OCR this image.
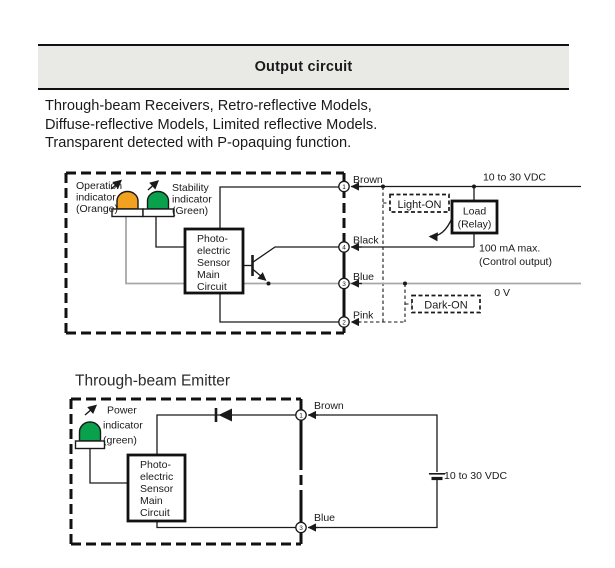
Output circuit
Through-beam Receivers, Retro-reflective Models,
Diffuse-reflective Models, Limited reflective Models.
Transparent detected with P-opaquing function.
Operation
indicator
(Orange)
Stability
indicator
(Green)
Photo-
electric
Sensor
Main
Circuit
10 to 30 VDC
Light-ON
Load
(Relay)
100 mA max.
(Control output)
0 V
Dark-ON
1
4
3
2
Brown
Black
Blue
Pink
Through-beam Emitter
Power
indicator
(green)
Photo-
electric
Sensor
Main
Circuit
10 to 30 VDC
1
3
Brown
Blue
